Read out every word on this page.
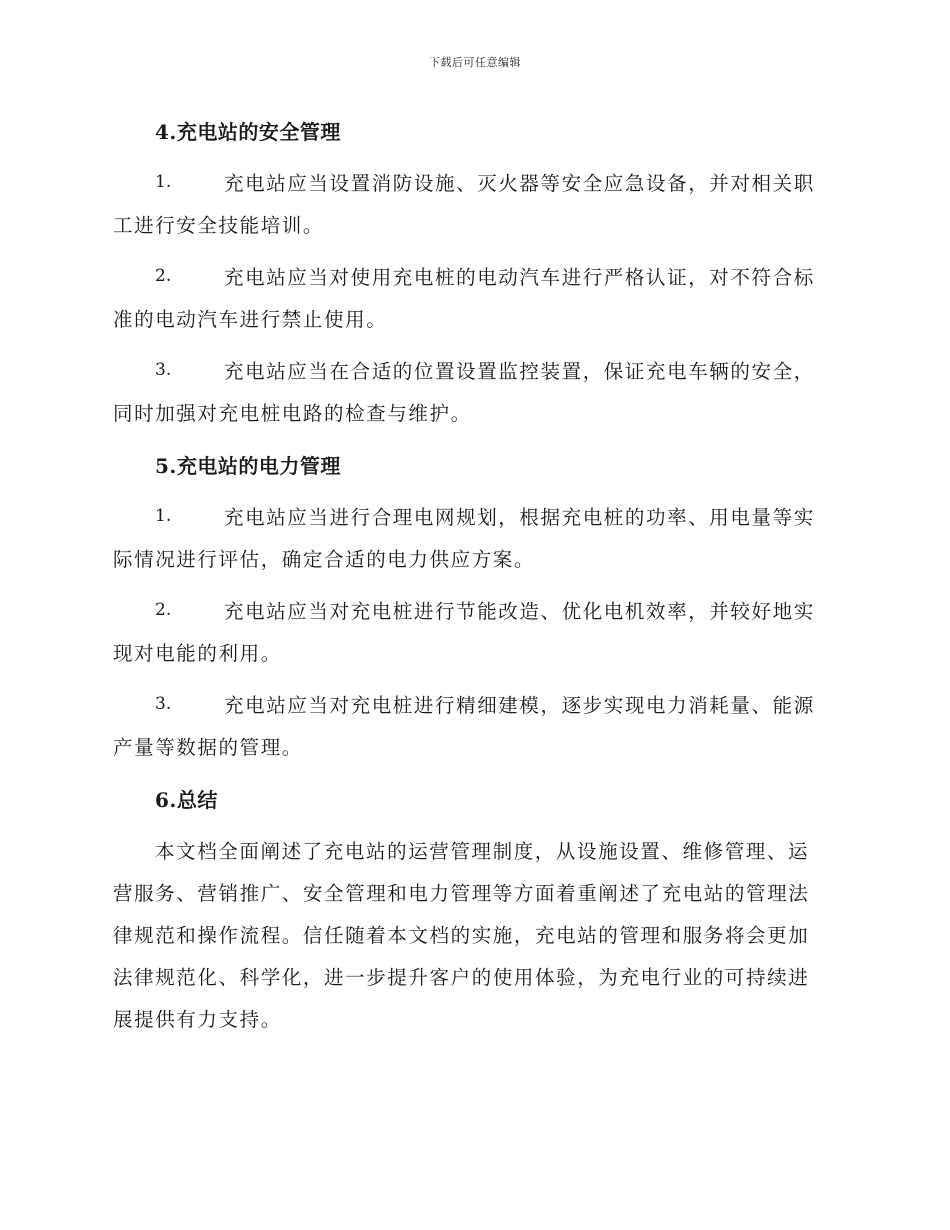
下载后可任意编辑
4.充电站的安全管理
1.	充电站应当设置消防设施、灭火器等安全应急设备，并对相关职
工进行安全技能培训。
2.	充电站应当对使用充电桩的电动汽车进行严格认证，对不符合标
准的电动汽车进行禁止使用。
3.	充电站应当在合适的位置设置监控装置，保证充电车辆的安全，
同时加强对充电桩电路的检查与维护。
5.充电站的电力管理
1.	充电站应当进行合理电网规划，根据充电桩的功率、用电量等实
际情况进行评估，确定合适的电力供应方案。
2.	充电站应当对充电桩进行节能改造、优化电机效率，并较好地实
现对电能的利用。
3.	充电站应当对充电桩进行精细建模，逐步实现电力消耗量、能源
产量等数据的管理。
6.总结
本文档全面阐述了充电站的运营管理制度，从设施设置、维修管理、运
营服务、营销推广、安全管理和电力管理等方面着重阐述了充电站的管理法
律规范和操作流程。信任随着本文档的实施，充电站的管理和服务将会更加
法律规范化、科学化，进一步提升客户的使用体验，为充电行业的可持续进
展提供有力支持。
